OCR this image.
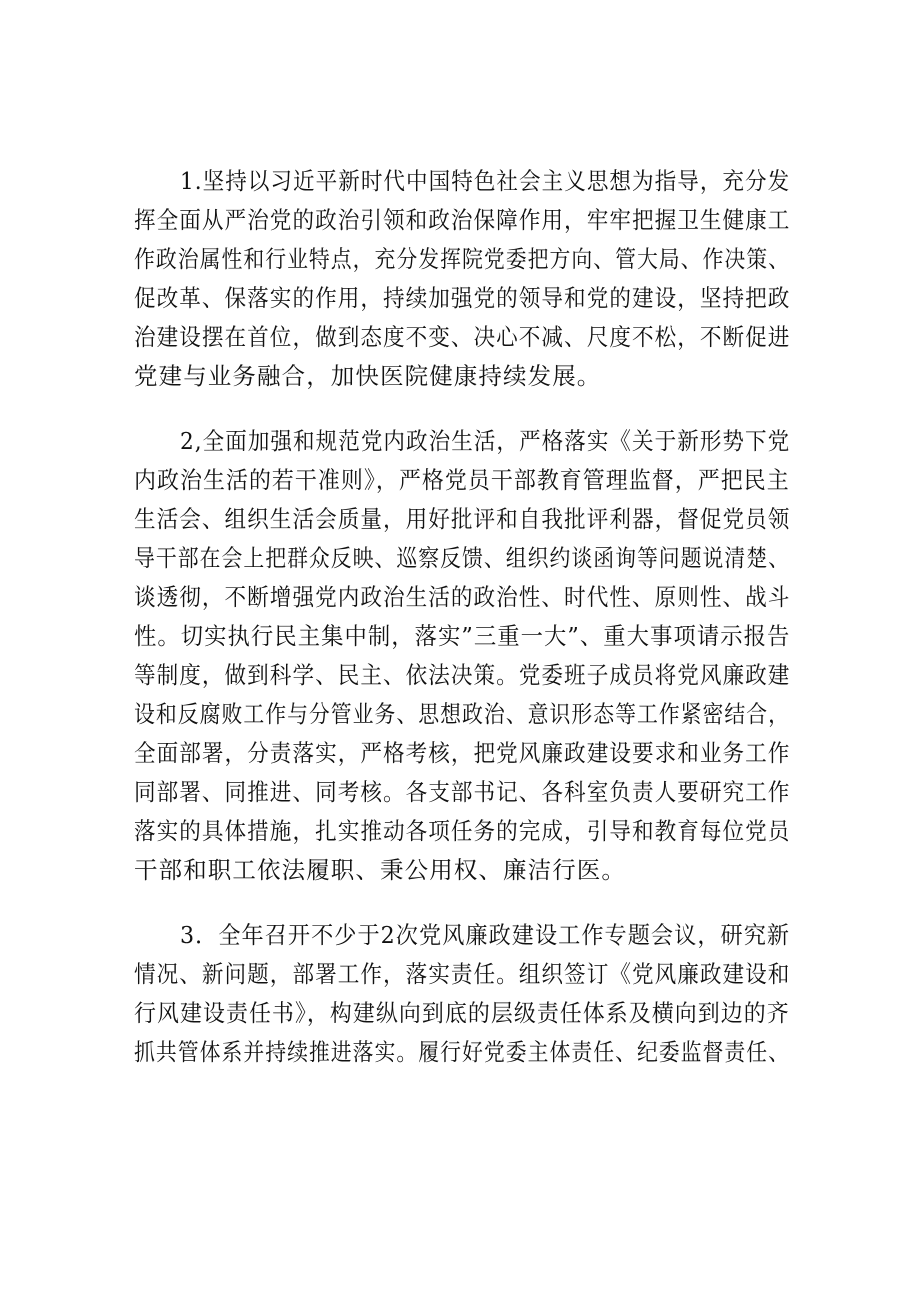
1.坚持以习近平新时代中国特色社会主义思想为指导，充分发
挥全面从严治党的政治引领和政治保障作用，牢牢把握卫生健康工
作政治属性和行业特点，充分发挥院党委把方向、管大局、作决策、
促改革、保落实的作用，持续加强党的领导和党的建设，坚持把政
治建设摆在首位，做到态度不变、决心不减、尺度不松，不断促进
党建与业务融合，加快医院健康持续发展。
2,全面加强和规范党内政治生活，严格落实《关于新形势下党
内政治生活的若干准则》，严格党员干部教育管理监督，严把民主
生活会、组织生活会质量，用好批评和自我批评利器，督促党员领
导干部在会上把群众反映、巡察反馈、组织约谈函询等问题说清楚、
谈透彻，不断增强党内政治生活的政治性、时代性、原则性、战斗
性。切实执行民主集中制，落实”三重一大”、重大事项请示报告
等制度，做到科学、民主、依法决策。党委班子成员将党风廉政建
设和反腐败工作与分管业务、思想政治、意识形态等工作紧密结合，
全面部署，分责落实，严格考核，把党风廉政建设要求和业务工作
同部署、同推进、同考核。各支部书记、各科室负责人要研究工作
落实的具体措施，扎实推动各项任务的完成，引导和教育每位党员
干部和职工依法履职、秉公用权、廉洁行医。
3．全年召开不少于2次党风廉政建设工作专题会议，研究新
情况、新问题，部署工作，落实责任。组织签订《党风廉政建设和
行风建设责任书》，构建纵向到底的层级责任体系及横向到边的齐
抓共管体系并持续推进落实。履行好党委主体责任、纪委监督责任、
